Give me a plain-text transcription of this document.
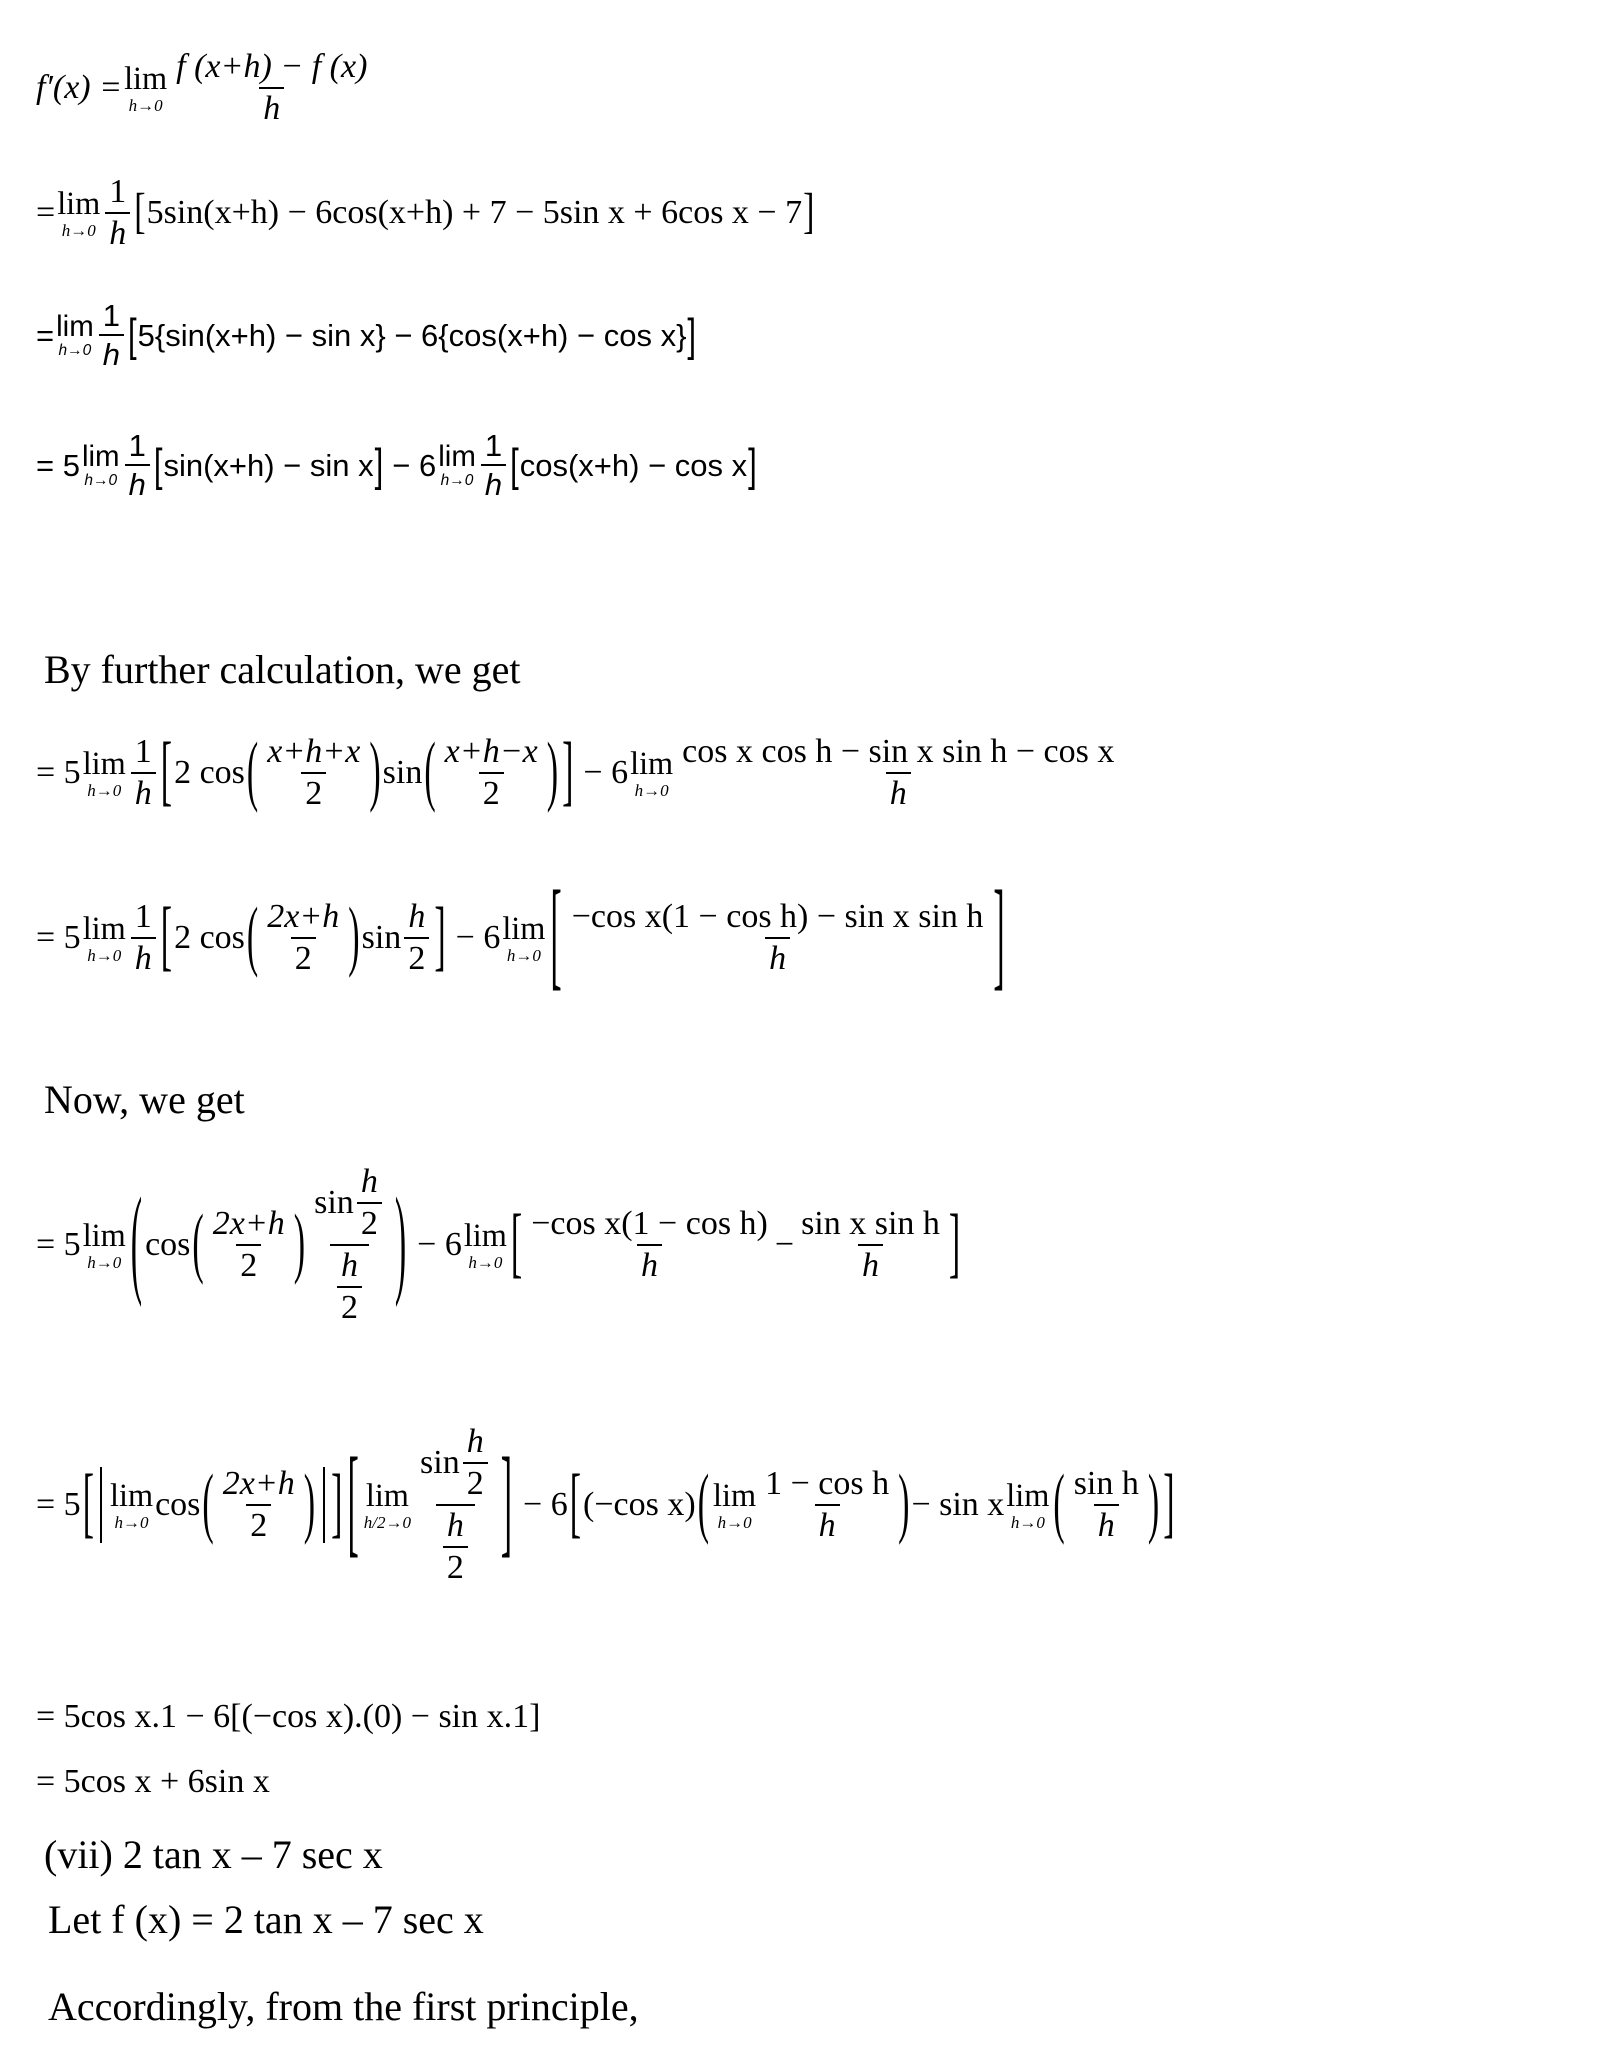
f′(x) = lim
$h\to 0 \frac{f (x+h) - f (x)}{h}$
= lim
$h\to 0 \frac{1}{h}$ [ 5sin(x+h) − 6cos(x+h) + 7 − 5sin x + 6cos x − 7 ]
= lim
$h\to 0 \frac{1}{h}$ [ 5{sin(x+h) − sin x} − 6{cos(x+h) − cos x} ]
= 5 lim
$h\to 0 \frac{1}{h}$ [ sin(x+h) − sin x ] − 6 lim
$h\to 0 \frac{1}{h}$ [ cos(x+h) − cos x ]
By further calculation, we get
= 5 lim
$h\to 0 \frac{1}{h}$ [ 2 cos ( $\frac{x+h+x}{2}$ ) sin ( $\frac{x+h-x}{2}$ ) ] − 6 lim
$h\to 0 \frac{\text{cos x cos h − sin x sin h − cos x}}{h}$
= 5 lim
$h\to 0 \frac{1}{h}$ [ 2 cos ( $\frac{2x+h}{2}$ ) $\sin \frac{h}{2}$ ] − 6 lim
h→0 [ $\frac{\text{−cos x(1 − cos h) − sin x sin h}}{h}$ ]
Now, we get
= 5 lim
h→0 ( cos ( $\frac{2x+h}{2}$ ) $\frac{\sin \frac{h}{2}}{\frac{h}{2}}$ ) − 6 lim
h→0 [ $\frac{\text{−cos x(1 − cos h)}}{h} - \frac{\text{sin x sin h}}{h}$ ]
= 5 [ lim
h→0 cos ( $\frac{2x+h}{2}$ ) ] [ lim
$h/2\to 0 \frac{\sin \frac{h}{2}}{\frac{h}{2}}$ ] − 6 [ (−cos x) ( lim
$h\to 0 \frac{\text{1 − cos h}}{h}$ ) − sin x lim
h→0 ( $\frac{\text{sin h}}{h}$ ) ]
= 5cos x.1 − 6[(−cos x).(0) − sin x.1]
= 5cos x + 6sin x
(vii) 2 tan x – 7 sec x
Let f (x) = 2 tan x – 7 sec x
Accordingly, from the first principle,
